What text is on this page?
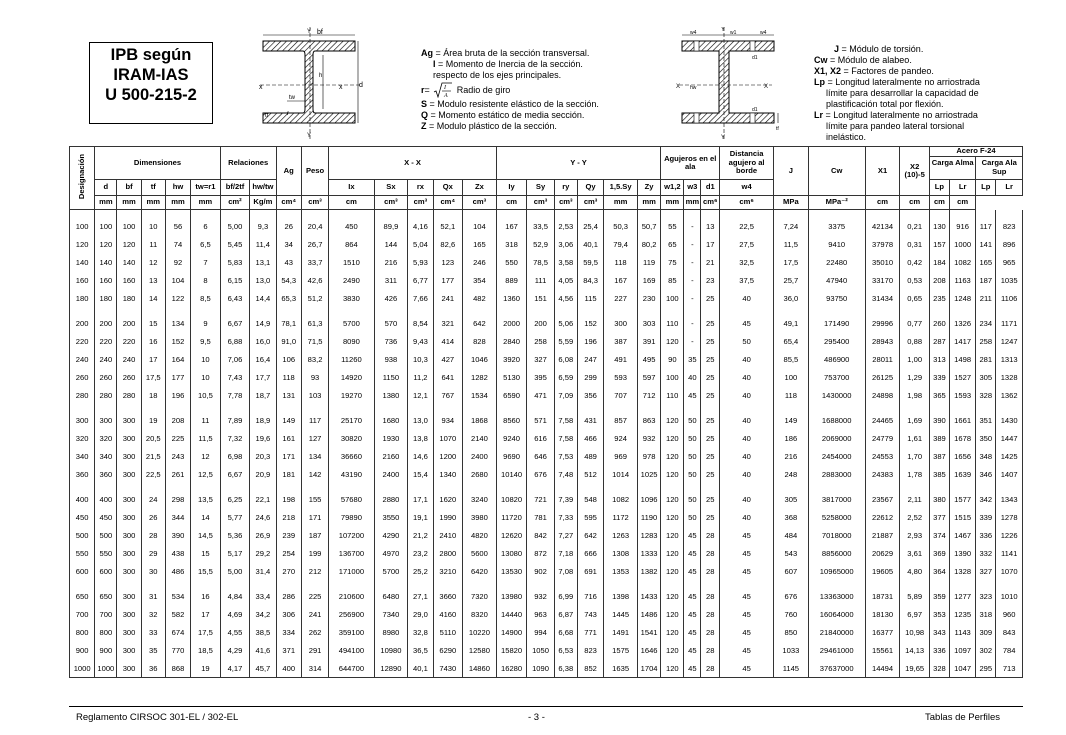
IPB según
IRAM-IAS
U 500-215-2
bf
Y
x	x d
h
tw
r
tf
Y
Ag = Área bruta de la sección transversal.
I = Momento de Inercia de la sección.
respecto de los ejes principales.
r = I
A
Radio de giro
S = Modulo resistente elástico de la sección.
Q = Momento estático de media sección.
Z = Modulo plástico de la sección.
w4	w1	w4
Y
X	X
d1
d1
hw
tf
Y
J = Módulo de torsión.
Cw = Módulo de alabeo.
X1, X2 = Factores de pandeo.
Lp = Longitud lateralmente no arriostrada
límite para desarrollar la capacidad de
plastificación total por flexión.
Lr = Longitud lateralmente no arriostrada
límite para pandeo lateral torsional
inelástico.
Designación	Dimensiones					Relaciones		Ag	Peso	X - X					Y - Y						Agujeros en el ala			Distancia agujero al borde	J	Cw	X1	X2 (10)-5	Acero F-24
Carga Alma Carga Ala Sup			

	d	bf	tf	hw	tw=r1	bf/2tf	hw/tw			Ix	Sx	rx	Qx	Zx	Iy	Sy	ry	Qy	1,5.Sy	Zy	w1,2	w3	d1	w4					Lp	Lr	Lp	Lr
	mm	mm	mm	mm	mm	cm²	Kg/m	cm⁴	cm³	cm	cm³	cm³	cm⁴	cm³	cm	cm³	cm³	cm³	mm	mm	mm	mm	cm⁶	cm⁶	MPa	MPa⁻²	cm	cm	cm	cm		

100	100	100	10	56	6	5,00	9,3	26	20,4	450	89,9	4,16	52,1	104	167	33,5	2,53	25,4	50,3	50,7	55	-	13	22,5	7,24	3375	42134	0,21	130	916	117	823
120	120	120	11	74	6,5	5,45	11,4	34	26,7	864	144	5,04	82,6	165	318	52,9	3,06	40,1	79,4	80,2	65	-	17	27,5	11,5	9410	37978	0,31	157	1000	141	896
140	140	140	12	92	7	5,83	13,1	43	33,7	1510	216	5,93	123	246	550	78,5	3,58	59,5	118	119	75	-	21	32,5	17,5	22480	35010	0,42	184	1082	165	965
160	160	160	13	104	8	6,15	13,0	54,3	42,6	2490	311	6,77	177	354	889	111	4,05	84,3	167	169	85	-	23	37,5	25,7	47940	33170	0,53	208	1163	187	1035
180	180	180	14	122	8,5	6,43	14,4	65,3	51,2	3830	426	7,66	241	482	1360	151	4,56	115	227	230	100	-	25	40	36,0	93750	31434	0,65	235	1248	211	1106

200	200	200	15	134	9	6,67	14,9	78,1	61,3	5700	570	8,54	321	642	2000	200	5,06	152	300	303	110	-	25	45	49,1	171490	29996	0,77	260	1326	234	1171
220	220	220	16	152	9,5	6,88	16,0	91,0	71,5	8090	736	9,43	414	828	2840	258	5,59	196	387	391	120	-	25	50	65,4	295400	28943	0,88	287	1417	258	1247
240	240	240	17	164	10	7,06	16,4	106	83,2	11260	938	10,3	427	1046	3920	327	6,08	247	491	495	90	35	25	40	85,5	486900	28011	1,00	313	1498	281	1313
260	260	260	17,5	177	10	7,43	17,7	118	93	14920	1150	11,2	641	1282	5130	395	6,59	299	593	597	100	40	25	40	100	753700	26125	1,29	339	1527	305	1328
280	280	280	18	196	10,5	7,78	18,7	131	103	19270	1380	12,1	767	1534	6590	471	7,09	356	707	712	110	45	25	40	118	1430000	24898	1,98	365	1593	328	1362

300	300	300	19	208	11	7,89	18,9	149	117	25170	1680	13,0	934	1868	8560	571	7,58	431	857	863	120	50	25	40	149	1688000	24465	1,69	390	1661	351	1430
320	320	300	20,5	225	11,5	7,32	19,6	161	127	30820	1930	13,8	1070	2140	9240	616	7,58	466	924	932	120	50	25	40	186	2069000	24779	1,61	389	1678	350	1447
340	340	300	21,5	243	12	6,98	20,3	171	134	36660	2160	14,6	1200	2400	9690	646	7,53	489	969	978	120	50	25	40	216	2454000	24553	1,70	387	1656	348	1425
360	360	300	22,5	261	12,5	6,67	20,9	181	142	43190	2400	15,4	1340	2680	10140	676	7,48	512	1014	1025	120	50	25	40	248	2883000	24383	1,78	385	1639	346	1407

400	400	300	24	298	13,5	6,25	22,1	198	155	57680	2880	17,1	1620	3240	10820	721	7,39	548	1082	1096	120	50	25	40	305	3817000	23567	2,11	380	1577	342	1343
450	450	300	26	344	14	5,77	24,6	218	171	79890	3550	19,1	1990	3980	11720	781	7,33	595	1172	1190	120	50	25	40	368	5258000	22612	2,52	377	1515	339	1278
500	500	300	28	390	14,5	5,36	26,9	239	187	107200	4290	21,2	2410	4820	12620	842	7,27	642	1263	1283	120	45	28	45	484	7018000	21887	2,93	374	1467	336	1226
550	550	300	29	438	15	5,17	29,2	254	199	136700	4970	23,2	2800	5600	13080	872	7,18	666	1308	1333	120	45	28	45	543	8856000	20629	3,61	369	1390	332	1141
600	600	300	30	486	15,5	5,00	31,4	270	212	171000	5700	25,2	3210	6420	13530	902	7,08	691	1353	1382	120	45	28	45	607	10965000	19605	4,80	364	1328	327	1070

650	650	300	31	534	16	4,84	33,4	286	225	210600	6480	27,1	3660	7320	13980	932	6,99	716	1398	1433	120	45	28	45	676	13363000	18731	5,89	359	1277	323	1010
700	700	300	32	582	17	4,69	34,2	306	241	256900	7340	29,0	4160	8320	14440	963	6,87	743	1445	1486	120	45	28	45	760	16064000	18130	6,97	353	1235	318	960
800	800	300	33	674	17,5	4,55	38,5	334	262	359100	8980	32,8	5110	10220	14900	994	6,68	771	1491	1541	120	45	28	45	850	21840000	16377	10,98	343	1143	309	843
900	900	300	35	770	18,5	4,29	41,6	371	291	494100	10980	36,5	6290	12580	15820	1050	6,53	823	1575	1646	120	45	28	45	1033	29461000	15561	14,13	336	1097	302	784
1000	1000	300	36	868	19	4,17	45,7	400	314	644700	12890	40,1	7430	14860	16280	1090	6,38	852	1635	1704	120	45	28	45	1145	37637000	14494	19,65	328	1047	295	713
Reglamento CIRSOC 301-EL / 302-EL	- 3 -	Tablas de Perfiles
